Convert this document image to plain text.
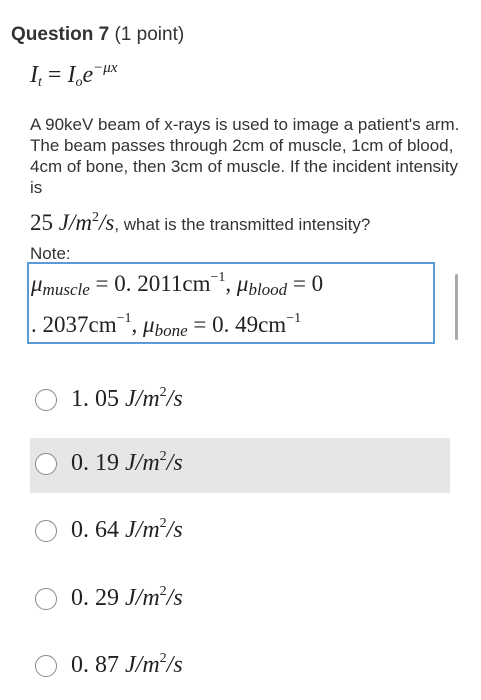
Question 7 (1 point)
$I_t = I_oe^{-\mu x}$
A 90keV beam of x-rays is used to image a patient's arm. The beam passes through 2cm of muscle, 1cm of blood, 4cm of bone, then 3cm of muscle. If the incident intensity is
25 $J/m^2/s$, what is the transmitted intensity?
Note:
$\mu_{muscle} = 0$. $2011cm^{-1}$, $\mu_{blood} = 0$
. $2037cm^{-1}$, $\mu_{bone} = 0$. $49cm^{-1}$
1. 05 $J/m^2/s$
0. 19 $J/m^2/s$
0. 64 $J/m^2/s$
0. 29 $J/m^2/s$
0. 87 $J/m^2/s$
